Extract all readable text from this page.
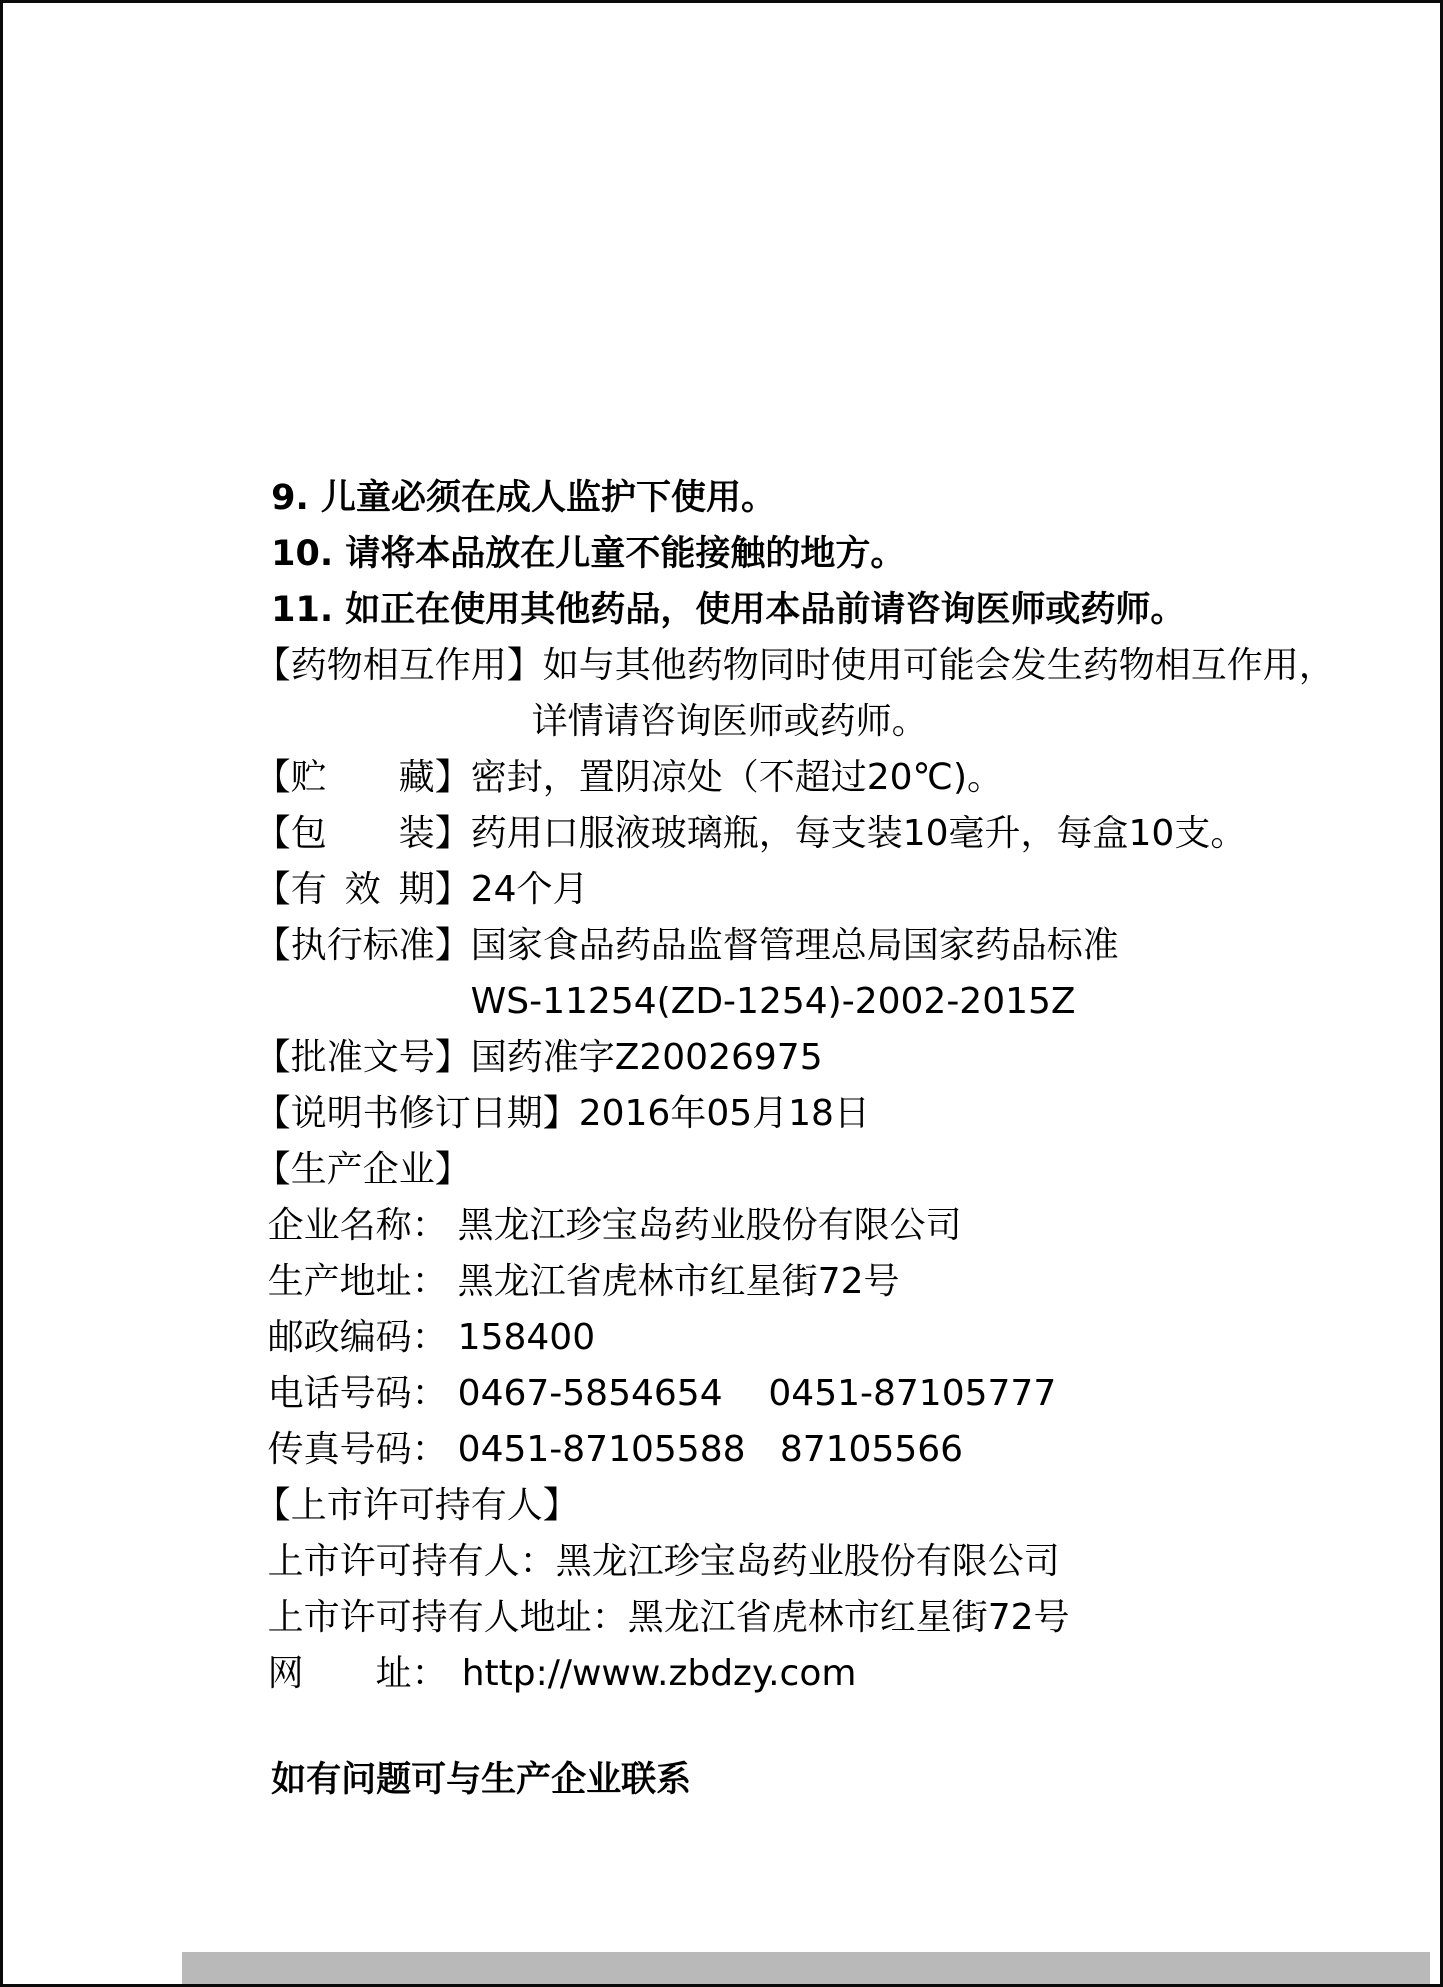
9. 儿童必须在成人监护下使用。

10. 请将本品放在儿童不能接触的地方。

11. 如正在使用其他药品，使用本品前请咨询医师或药师。

【药物相互作用】如与其他药物同时使用可能会发生药物相互作用，

详情请咨询医师或药师。

【贮藏】密封，置阴凉处（不超过20℃)。

【包装】药用口服液玻璃瓶，每支装10毫升，每盒10支。

【有效期】24个月

【执行标准】国家食品药品监督管理总局国家药品标准

WS-11254(ZD-1254)-2002-2015Z

【批准文号】国药准字Z20026975

【说明书修订日期】2016年05月18日

【生产企业】

企业名称： 黑龙江珍宝岛药业股份有限公司

生产地址： 黑龙江省虎林市红星街72号

邮政编码： 158400

电话号码： 0467-5854654    0451-87105777

传真号码： 0451-87105588   87105566

【上市许可持有人】

上市许可持有人：黑龙江珍宝岛药业股份有限公司

上市许可持有人地址：黑龙江省虎林市红星街72号

网址： http://www.zbdzy.com

如有问题可与生产企业联系
